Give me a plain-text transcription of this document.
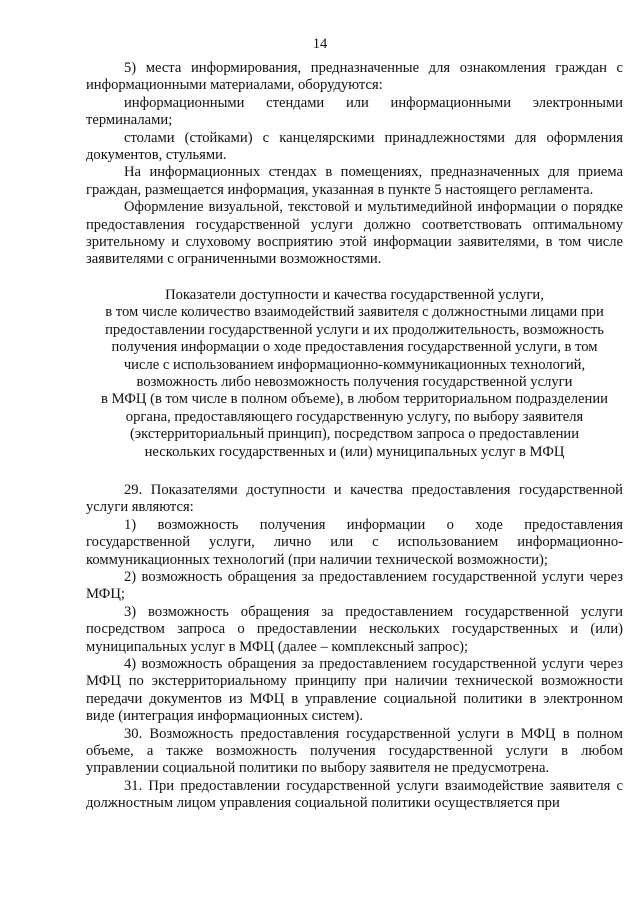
14

5) места информирования, предназначенные для ознакомления граждан с информационными материалами, оборудуются:

информационными стендами или информационными электронными терминалами;

столами (стойками) с канцелярскими принадлежностями для оформления документов, стульями.

На информационных стендах в помещениях, предназначенных для приема граждан, размещается информация, указанная в пункте 5 настоящего регламента.

Оформление визуальной, текстовой и мультимедийной информации о порядке предоставления государственной услуги должно соответствовать оптимальному зрительному и слуховому восприятию этой информации заявителями, в том числе заявителями с ограниченными возможностями.

Показатели доступности и качества государственной услуги,
в том числе количество взаимодействий заявителя с должностными лицами при
предоставлении государственной услуги и их продолжительность, возможность
получения информации о ходе предоставления государственной услуги, в том
числе с использованием информационно-коммуникационных технологий,
возможность либо невозможность получения государственной услуги
в МФЦ (в том числе в полном объеме), в любом территориальном подразделении
органа, предоставляющего государственную услугу, по выбору заявителя
(экстерриториальный принцип), посредством запроса о предоставлении
нескольких государственных и (или) муниципальных услуг в МФЦ

29. Показателями доступности и качества предоставления государственной услуги являются:

1) возможность получения информации о ходе предоставления государственной услуги, лично или с использованием информационно-коммуникационных технологий (при наличии технической возможности);

2) возможность обращения за предоставлением государственной услуги через МФЦ;

3) возможность обращения за предоставлением государственной услуги посредством запроса о предоставлении нескольких государственных и (или) муниципальных услуг в МФЦ (далее – комплексный запрос);

4) возможность обращения за предоставлением государственной услуги через МФЦ по экстерриториальному принципу при наличии технической возможности передачи документов из МФЦ в управление социальной политики в электронном виде (интеграция информационных систем).

30. Возможность предоставления государственной услуги в МФЦ в полном объеме, а также возможность получения государственной услуги в любом управлении социальной политики по выбору заявителя не предусмотрена.

31. При предоставлении государственной услуги взаимодействие заявителя с должностным лицом управления социальной политики осуществляется при
